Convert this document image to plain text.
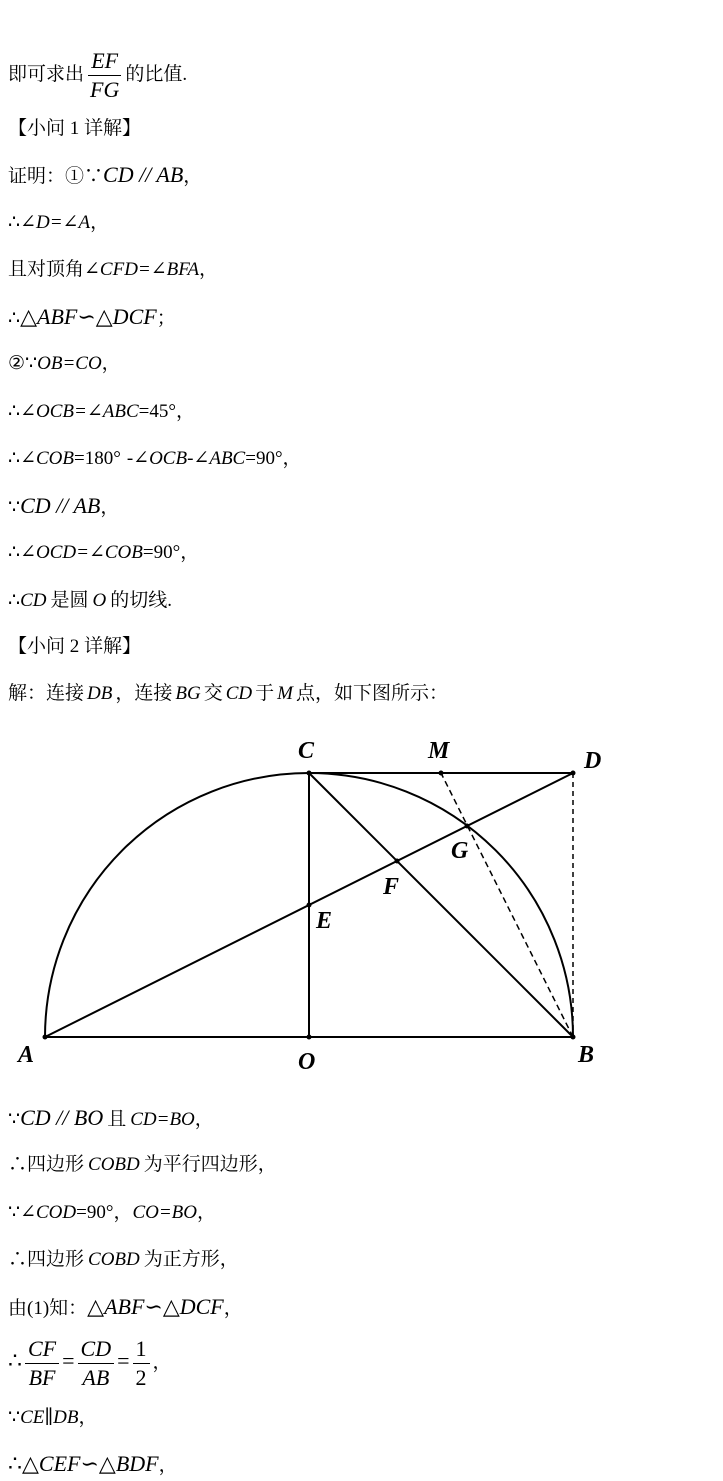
即可求出 $\frac{EF}{FG}$ 的比值.
【小问 1 详解】
证明：①∵CD // AB，
∴∠D=∠A，
且对顶角∠CFD=∠BFA，
∴△ABF∽△DCF；
②∵OB=CO，
∴∠OCB=∠ABC=45°，
∴∠COB=180° -∠OCB-∠ABC=90°，
∵CD // AB，
∴∠OCD=∠COB=90°，
∴CD 是圆 O 的切线.
【小问 2 详解】
解：连接 DB ，连接 BG 交 CD 于 M 点，如下图所示：
C	M	D
G
F
E
A	O	B
∵CD // BO 且 CD=BO，
∴四边形 COBD 为平行四边形，
∵∠COD=90°，CO=BO，
∴四边形 COBD 为正方形，
由(1)知：△ABF∽△DCF，
∴ $\frac{CF}{BF} = \frac{CD}{AB} = \frac{1}{2}$ ，
∵CE∥DB，
∴△CEF∽△BDF，
